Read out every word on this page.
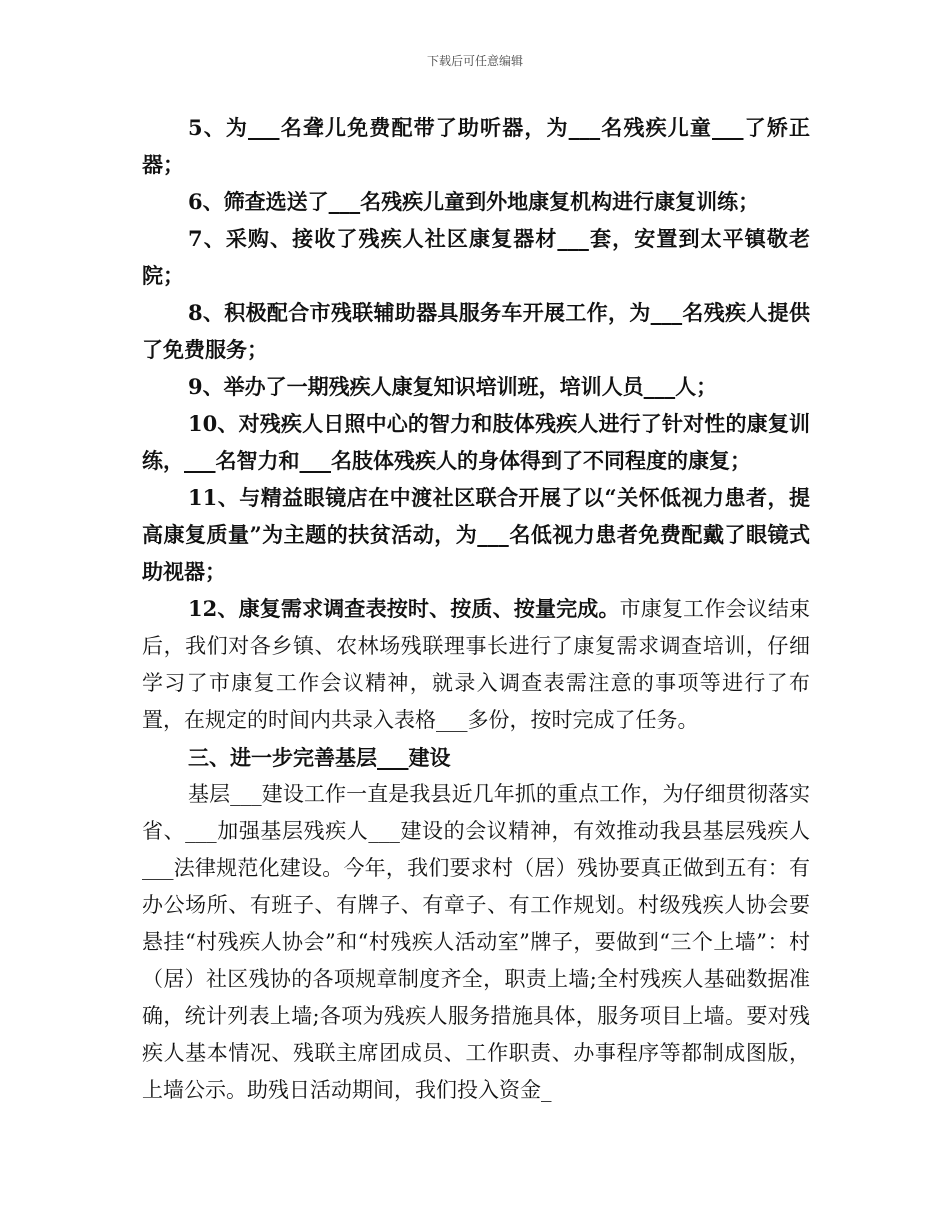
下载后可任意编辑

5、为___名聋儿免费配带了助听器，为___名残疾儿童___了矫正器；

6、筛查选送了___名残疾儿童到外地康复机构进行康复训练；

7、采购、接收了残疾人社区康复器材___套，安置到太平镇敬老院；

8、积极配合市残联辅助器具服务车开展工作，为___名残疾人提供了免费服务；

9、举办了一期残疾人康复知识培训班，培训人员___人；

10、对残疾人日照中心的智力和肢体残疾人进行了针对性的康复训练，___名智力和___名肢体残疾人的身体得到了不同程度的康复；

11、与精益眼镜店在中渡社区联合开展了以“关怀低视力患者，提高康复质量”为主题的扶贫活动，为___名低视力患者免费配戴了眼镜式助视器；

12、康复需求调查表按时、按质、按量完成。市康复工作会议结束后，我们对各乡镇、农林场残联理事长进行了康复需求调查培训，仔细学习了市康复工作会议精神，就录入调查表需注意的事项等进行了布置，在规定的时间内共录入表格___多份，按时完成了任务。

三、进一步完善基层___建设

基层___建设工作一直是我县近几年抓的重点工作，为仔细贯彻落实省、___加强基层残疾人___建设的会议精神，有效推动我县基层残疾人___法律规范化建设。今年，我们要求村（居）残协要真正做到五有：有办公场所、有班子、有牌子、有章子、有工作规划。村级残疾人协会要悬挂“村残疾人协会”和“村残疾人活动室”牌子，要做到“三个上墙”：村（居）社区残协的各项规章制度齐全，职责上墙;全村残疾人基础数据准确，统计列表上墙;各项为残疾人服务措施具体，服务项目上墙。要对残疾人基本情况、残联主席团成员、工作职责、办事程序等都制成图版，上墙公示。助残日活动期间，我们投入资金_
